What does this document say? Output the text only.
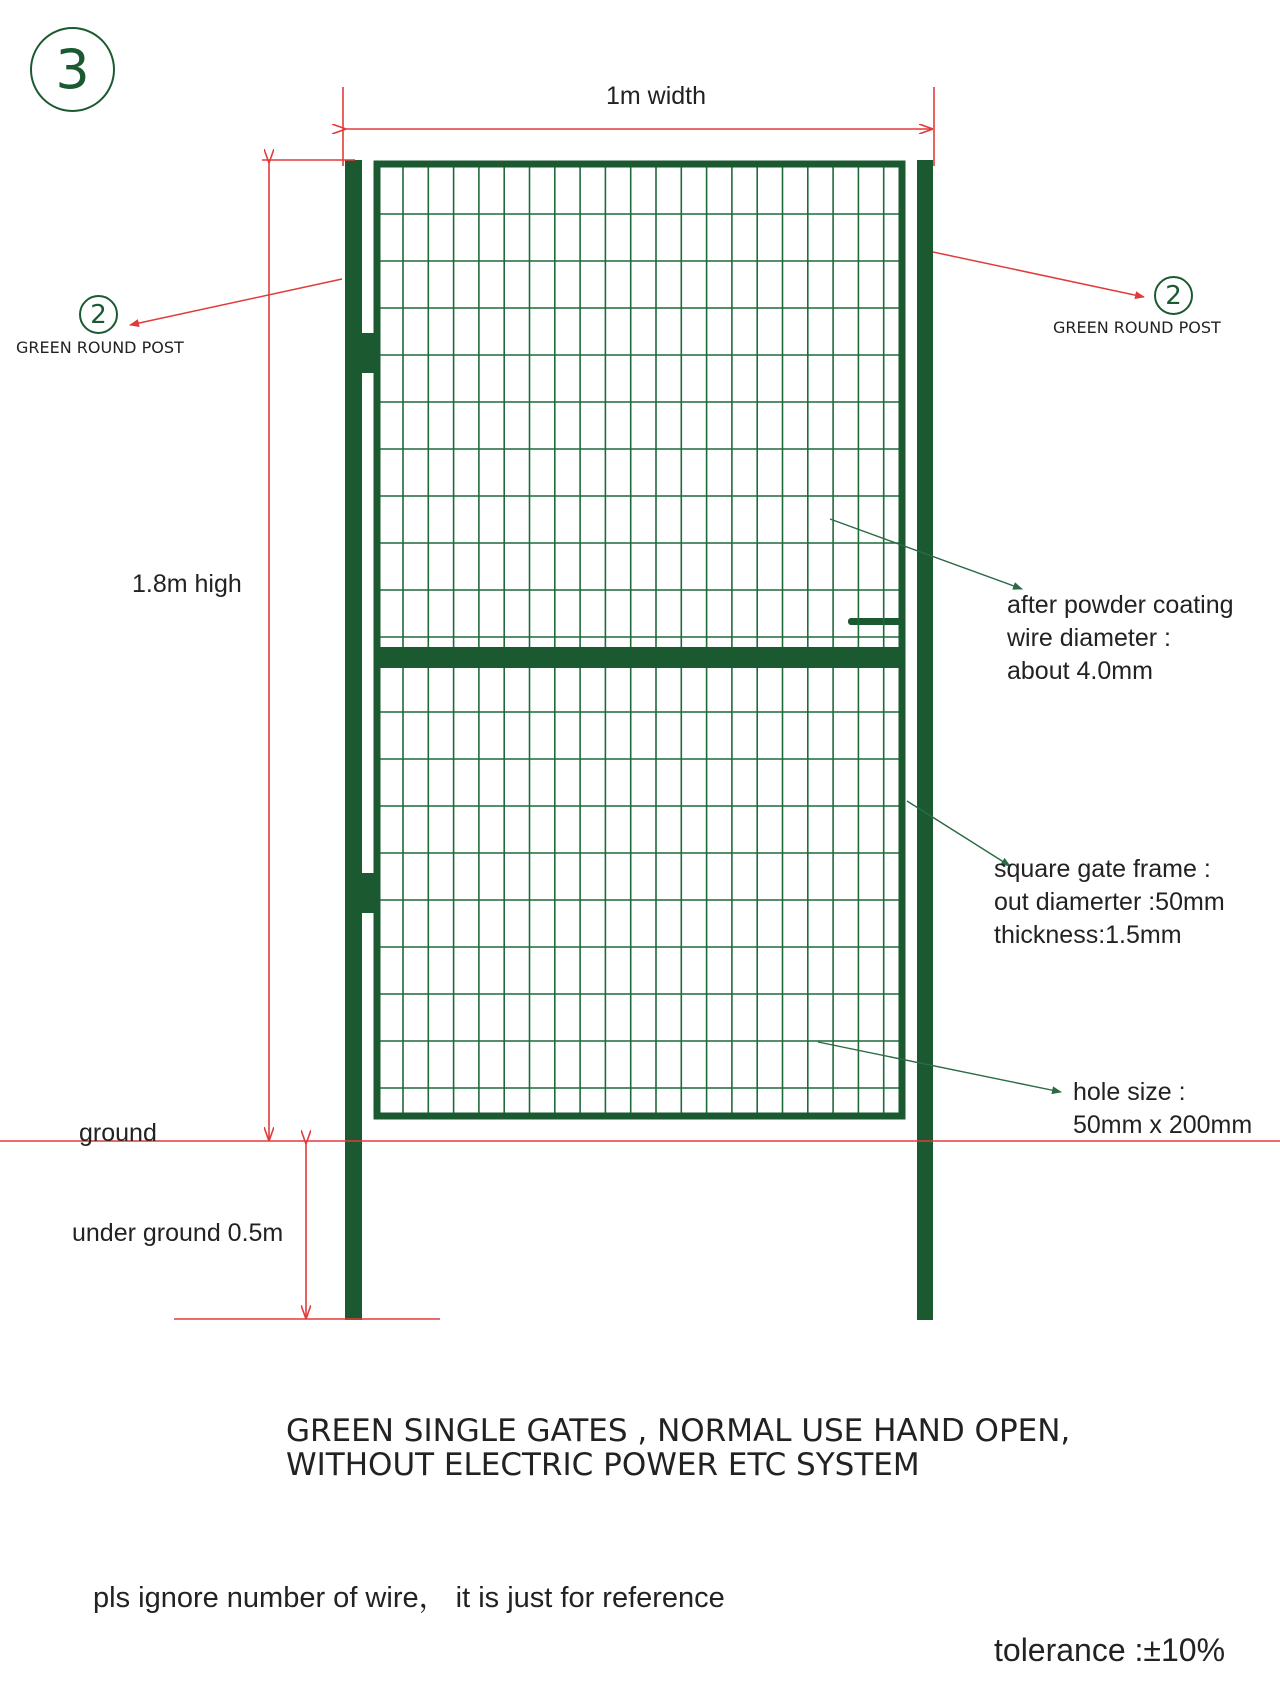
3
2
2
1m width
1.8m high
ground
under ground 0.5m
GREEN ROUND POST
GREEN ROUND POST
after powder coating
wire diameter :
about 4.0mm
square gate frame :
out diamerter :50mm
thickness:1.5mm
hole size :
50mm x 200mm
GREEN SINGLE GATES , NORMAL USE HAND OPEN,
WITHOUT ELECTRIC POWER ETC SYSTEM
pls ignore number of wire， it is just for reference
tolerance :±10%
